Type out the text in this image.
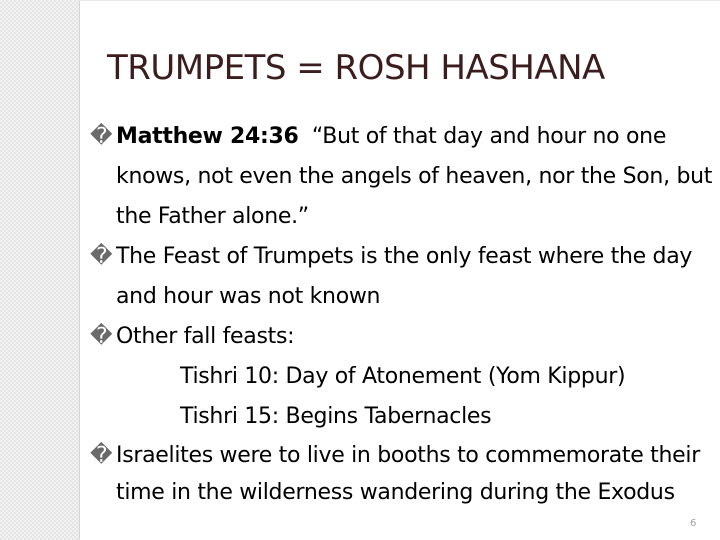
TRUMPETS = ROSH HASHANA

� Matthew 24:36 “But of that day and hour no one knows, not even the angels of heaven, nor the Son, but the Father alone.”

� The Feast of Trumpets is the only feast where the day and hour was not known

� Other fall feasts:

Tishri 10: Day of Atonement (Yom Kippur)

Tishri 15: Begins Tabernacles

� Israelites were to live in booths to commemorate their time in the wilderness wandering during the Exodus

6
